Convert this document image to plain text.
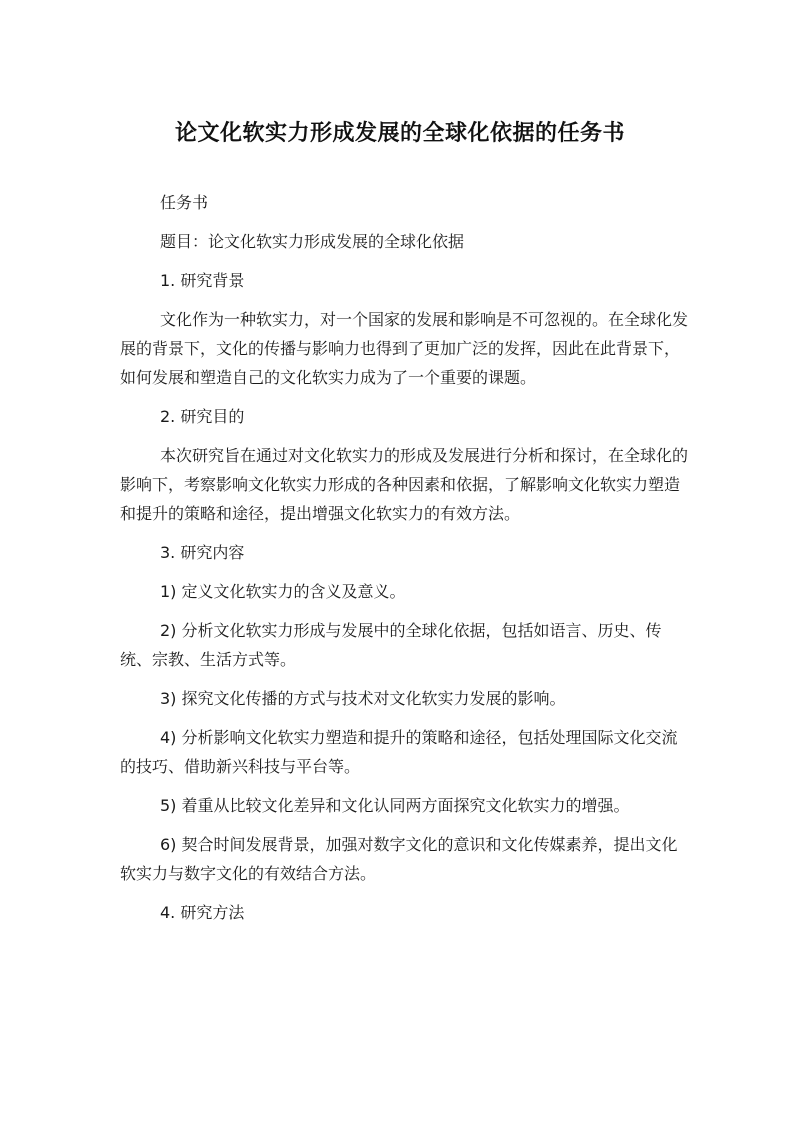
论文化软实力形成发展的全球化依据的任务书

任务书

题目：论文化软实力形成发展的全球化依据

1. 研究背景

文化作为一种软实力，对一个国家的发展和影响是不可忽视的。在全球化发展的背景下，文化的传播与影响力也得到了更加广泛的发挥，因此在此背景下，如何发展和塑造自己的文化软实力成为了一个重要的课题。

2. 研究目的

本次研究旨在通过对文化软实力的形成及发展进行分析和探讨，在全球化的影响下，考察影响文化软实力形成的各种因素和依据，了解影响文化软实力塑造和提升的策略和途径，提出增强文化软实力的有效方法。

3. 研究内容

1) 定义文化软实力的含义及意义。

2) 分析文化软实力形成与发展中的全球化依据，包括如语言、历史、传统、宗教、生活方式等。

3) 探究文化传播的方式与技术对文化软实力发展的影响。

4) 分析影响文化软实力塑造和提升的策略和途径，包括处理国际文化交流的技巧、借助新兴科技与平台等。

5) 着重从比较文化差异和文化认同两方面探究文化软实力的增强。

6) 契合时间发展背景，加强对数字文化的意识和文化传媒素养，提出文化软实力与数字文化的有效结合方法。

4. 研究方法
